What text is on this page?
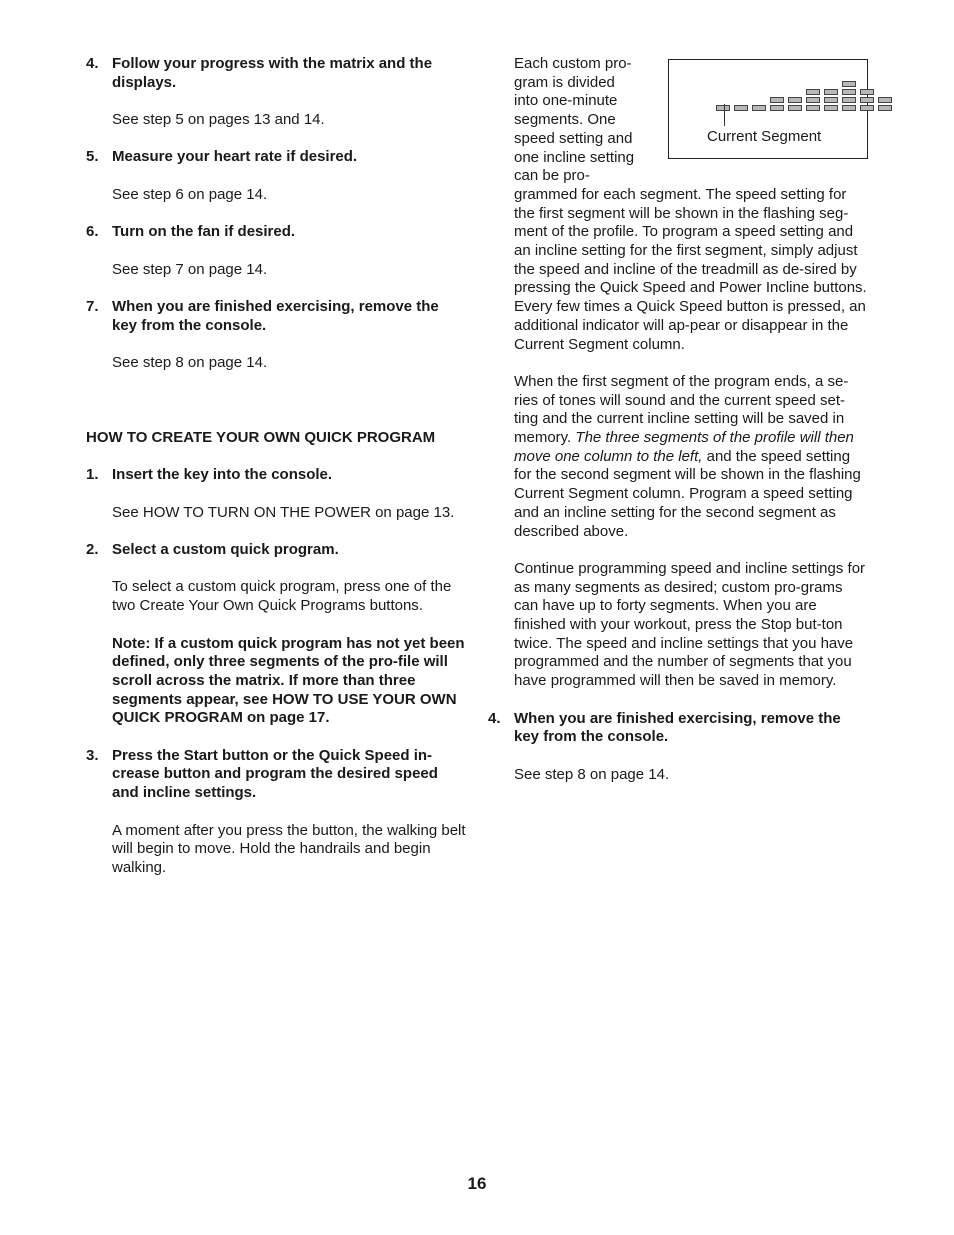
4. Follow your progress with the matrix and the displays.

See step 5 on pages 13 and 14.

5. Measure your heart rate if desired.

See step 6 on page 14.

6. Turn on the fan if desired.

See step 7 on page 14.

7. When you are finished exercising, remove the key from the console.

See step 8 on page 14.

HOW TO CREATE YOUR OWN QUICK PROGRAM

1. Insert the key into the console.

See HOW TO TURN ON THE POWER on page 13.

2. Select a custom quick program.

To select a custom quick program, press one of the two Create Your Own Quick Programs buttons.

Note: If a custom quick program has not yet been defined, only three segments of the pro-file will scroll across the matrix. If more than three segments appear, see HOW TO USE YOUR OWN QUICK PROGRAM on page 17.

3. Press the Start button or the Quick Speed in-crease button and program the desired speed and incline settings.

A moment after you press the button, the walking belt will begin to move. Hold the handrails and begin walking.

Each custom pro-gram is divided into one-minute segments. One speed setting and one incline setting can be pro-

grammed for each segment. The speed setting for the first segment will be shown in the flashing seg-ment of the profile. To program a speed setting and an incline setting for the first segment, simply adjust the speed and incline of the treadmill as de-sired by pressing the Quick Speed and Power Incline buttons. Every few times a Quick Speed button is pressed, an additional indicator will ap-pear or disappear in the Current Segment column.

When the first segment of the program ends, a se-ries of tones will sound and the current speed set-ting and the current incline setting will be saved in memory. The three segments of the profile will then move one column to the left, and the speed setting for the second segment will be shown in the flashing Current Segment column. Program a speed setting and an incline setting for the second segment as described above.

Continue programming speed and incline settings for as many segments as desired; custom pro-grams can have up to forty segments. When you are finished with your workout, press the Stop but-ton twice. The speed and incline settings that you have programmed and the number of segments that you have programmed will then be saved in memory.

4. When you are finished exercising, remove the key from the console.

See step 8 on page 14.

Current Segment
16
